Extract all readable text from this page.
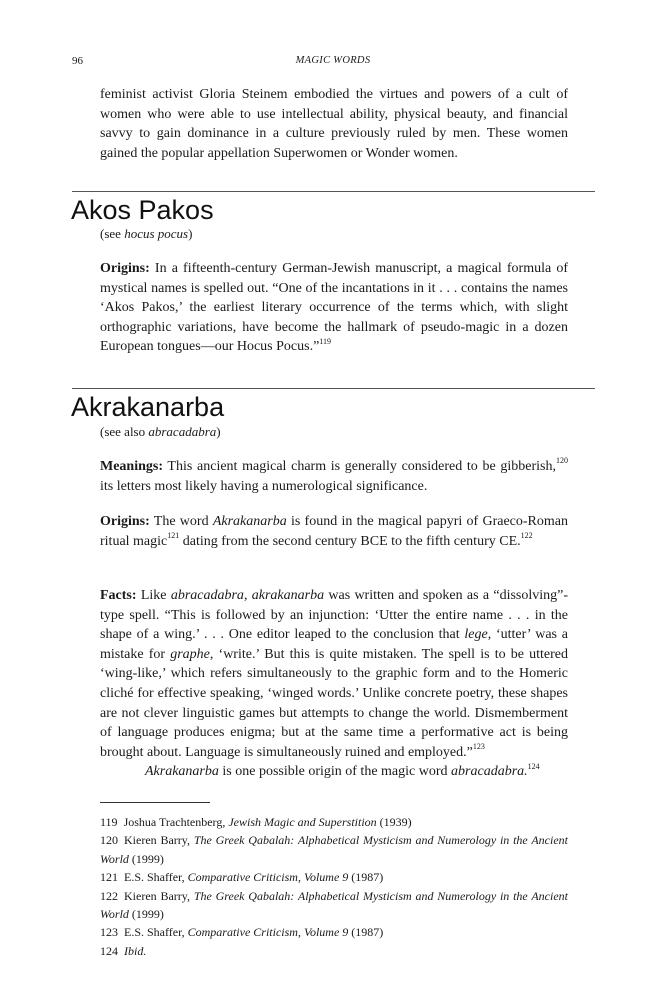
96	MAGIC WORDS

feminist activist Gloria Steinem embodied the virtues and powers of a cult of women who were able to use intellectual ability, physical beauty, and financial savvy to gain dominance in a culture previously ruled by men. These women gained the popular appellation Superwomen or Wonder women.

Akos Pakos
(see hocus pocus)

Origins: In a fifteenth-century German-Jewish manuscript, a magical formula of mystical names is spelled out. “One of the incantations in it . . . contains the names ‘Akos Pakos,’ the earliest literary occurrence of the terms which, with slight orthographic variations, have become the hallmark of pseudo-magic in a dozen European tongues—our Hocus Pocus.”$^{119}$

Akrakanarba
(see also abracadabra)

Meanings: This ancient magical charm is generally considered to be gibberish,$^{120}$ its letters most likely having a numerological significance.

Origins: The word Akrakanarba is found in the magical papyri of Graeco-Roman ritual magic$^{121}$ dating from the second century BCE to the fifth century CE.$^{122}$

Facts: Like abracadabra, akrakanarba was written and spoken as a “dissolving”-type spell. “This is followed by an injunction: ‘Utter the entire name . . . in the shape of a wing.’ . . . One editor leaped to the conclusion that lege, ‘utter’ was a mistake for graphe, ‘write.’ But this is quite mistaken. The spell is to be uttered ‘wing-like,’ which refers simultaneously to the graphic form and to the Homeric cliché for effective speaking, ‘winged words.’ Unlike concrete poetry, these shapes are not clever linguistic games but attempts to change the world. Dismemberment of language produces enigma; but at the same time a performative act is being brought about. Language is simultaneously ruined and employed.”$^{123}$

Akrakanarba is one possible origin of the magic word abracadabra.$^{124}$

119 Joshua Trachtenberg, Jewish Magic and Superstition (1939)
120 Kieren Barry, The Greek Qabalah: Alphabetical Mysticism and Numerology in the Ancient World (1999)
121 E.S. Shaffer, Comparative Criticism, Volume 9 (1987)
122 Kieren Barry, The Greek Qabalah: Alphabetical Mysticism and Numerology in the Ancient World (1999)
123 E.S. Shaffer, Comparative Criticism, Volume 9 (1987)
124 Ibid.
